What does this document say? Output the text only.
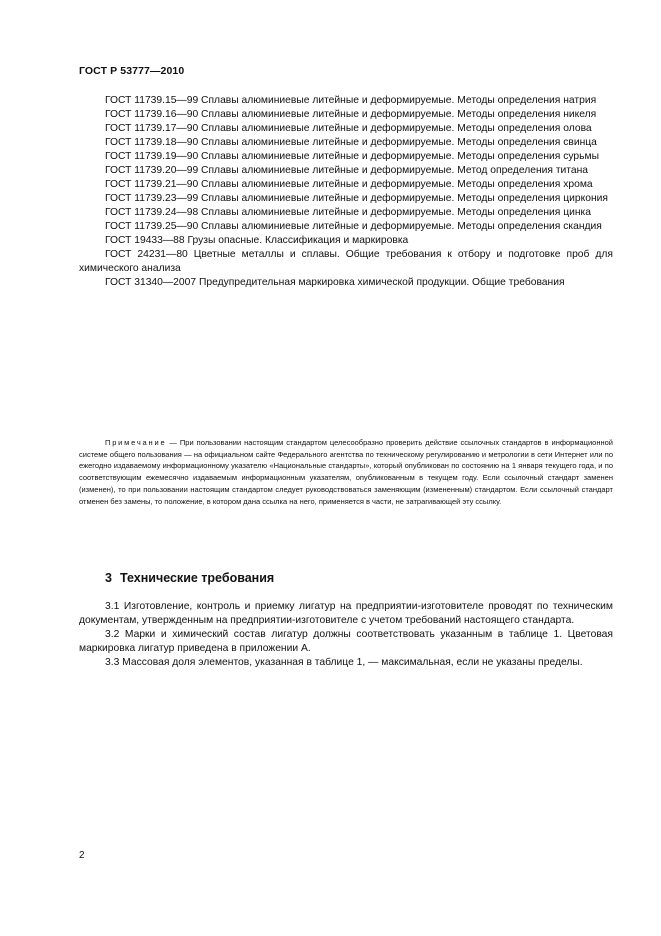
ГОСТ Р 53777—2010

ГОСТ 11739.15—99 Сплавы алюминиевые литейные и деформируемые. Методы определения натрия

ГОСТ 11739.16—90 Сплавы алюминиевые литейные и деформируемые. Методы определения никеля

ГОСТ 11739.17—90 Сплавы алюминиевые литейные и деформируемые. Методы определения олова

ГОСТ 11739.18—90 Сплавы алюминиевые литейные и деформируемые. Методы определения свинца

ГОСТ 11739.19—90 Сплавы алюминиевые литейные и деформируемые. Методы определения сурьмы

ГОСТ 11739.20—99 Сплавы алюминиевые литейные и деформируемые. Метод определения титана

ГОСТ 11739.21—90 Сплавы алюминиевые литейные и деформируемые. Методы определения хрома

ГОСТ 11739.23—99 Сплавы алюминиевые литейные и деформируемые. Методы определения циркония

ГОСТ 11739.24—98 Сплавы алюминиевые литейные и деформируемые. Методы определения цинка

ГОСТ 11739.25—90 Сплавы алюминиевые литейные и деформируемые. Методы определения скандия

ГОСТ 19433—88 Грузы опасные. Классификация и маркировка

ГОСТ 24231—80 Цветные металлы и сплавы. Общие требования к отбору и подготовке проб для химического анализа

ГОСТ 31340—2007 Предупредительная маркировка химической продукции. Общие требования

Примечание — При пользовании настоящим стандартом целесообразно проверить действие ссылочных стандартов в информационной системе общего пользования — на официальном сайте Федерального агентства по техническому регулированию и метрологии в сети Интернет или по ежегодно издаваемому информационному указателю «Национальные стандарты», который опубликован по состоянию на 1 января текущего года, и по соответствующим ежемесячно издаваемым информационным указателям, опубликованным в текущем году. Если ссылочный стандарт заменен (изменен), то при пользовании настоящим стандартом следует руководствоваться заменяющим (измененным) стандартом. Если ссылочный стандарт отменен без замены, то положение, в котором дана ссылка на него, применяется в части, не затрагивающей эту ссылку.

3 Технические требования

3.1 Изготовление, контроль и приемку лигатур на предприятии-изготовителе проводят по техническим документам, утвержденным на предприятии-изготовителе с учетом требований настоящего стандарта.

3.2 Марки и химический состав лигатур должны соответствовать указанным в таблице 1. Цветовая маркировка лигатур приведена в приложении А.

3.3 Массовая доля элементов, указанная в таблице 1, — максимальная, если не указаны пределы.

2
